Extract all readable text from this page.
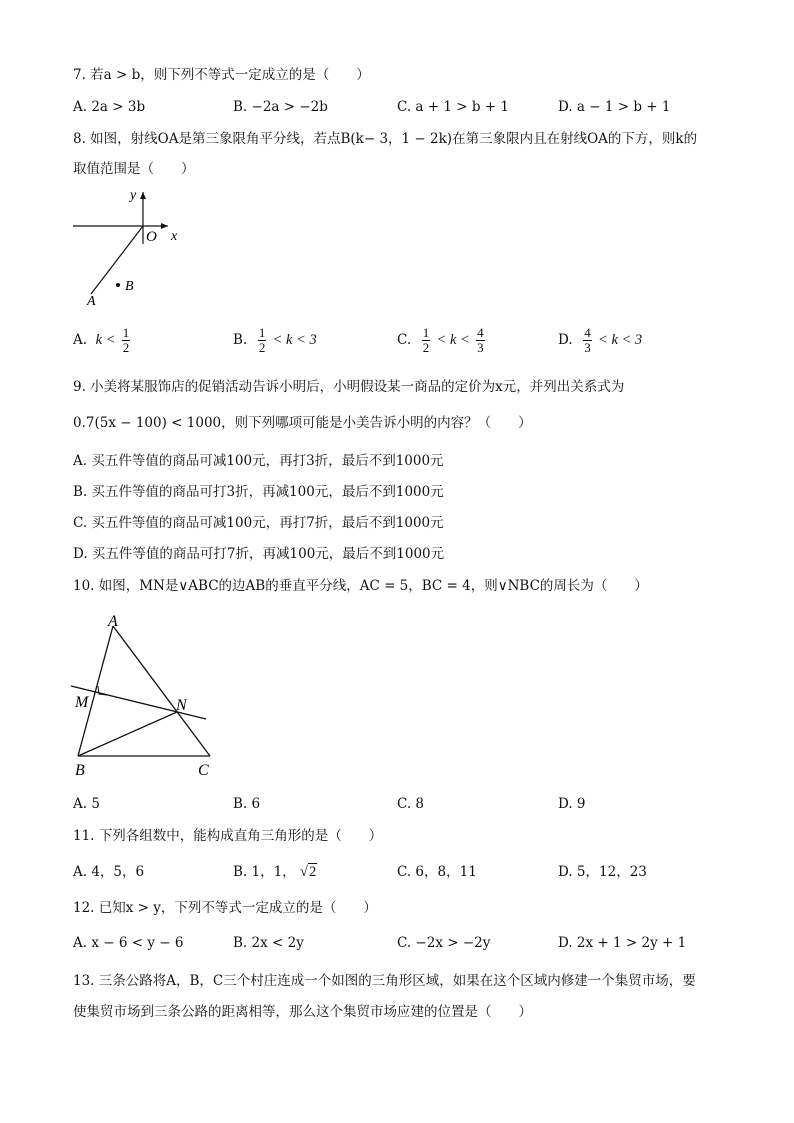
7. 若a > b，则下列不等式一定成立的是（　　）
A. 2a > 3b	B. −2a > −2b	C. a + 1 > b + 1	D. a − 1 > b + 1
8. 如图，射线OA是第三象限角平分线，若点B(k− 3，1 − 2k)在第三象限内且在射线OA的下方，则k的
取值范围是（　　）
y
x
O
B
A
A. $k < \frac{1}{2}$	B. $\frac{1}{2} < k < 3$	C. $\frac{1}{2} < k < \frac{4}{3}$	D. $\frac{4}{3} < k < 3$
9. 小美将某服饰店的促销活动告诉小明后，小明假设某一商品的定价为x元，并列出关系式为
0.7(5x − 100) < 1000，则下列哪项可能是小美告诉小明的内容？（　　）
A. 买五件等值的商品可减100元，再打3折，最后不到1000元
B. 买五件等值的商品可打3折，再减100元，最后不到1000元
C. 买五件等值的商品可减100元，再打7折，最后不到1000元
D. 买五件等值的商品可打7折，再减100元，最后不到1000元
10. 如图，MN是∨ABC的边AB的垂直平分线，AC = 5，BC = 4，则∨NBC的周长为（　　）
A
M	N
B	C
A. 5	B. 6	C. 8	D. 9
11. 下列各组数中，能构成直角三角形的是（　　）
A. 4，5，6	B. 1，1， √2	C. 6，8，11	D. 5，12，23
12. 已知x > y，下列不等式一定成立的是（　　）
A. x − 6 < y − 6	B. 2x < 2y	C. −2x > −2y	D. 2x + 1 > 2y + 1
13. 三条公路将A，B，C三个村庄连成一个如图的三角形区域，如果在这个区域内修建一个集贸市场，要
使集贸市场到三条公路的距离相等，那么这个集贸市场应建的位置是（　　）
